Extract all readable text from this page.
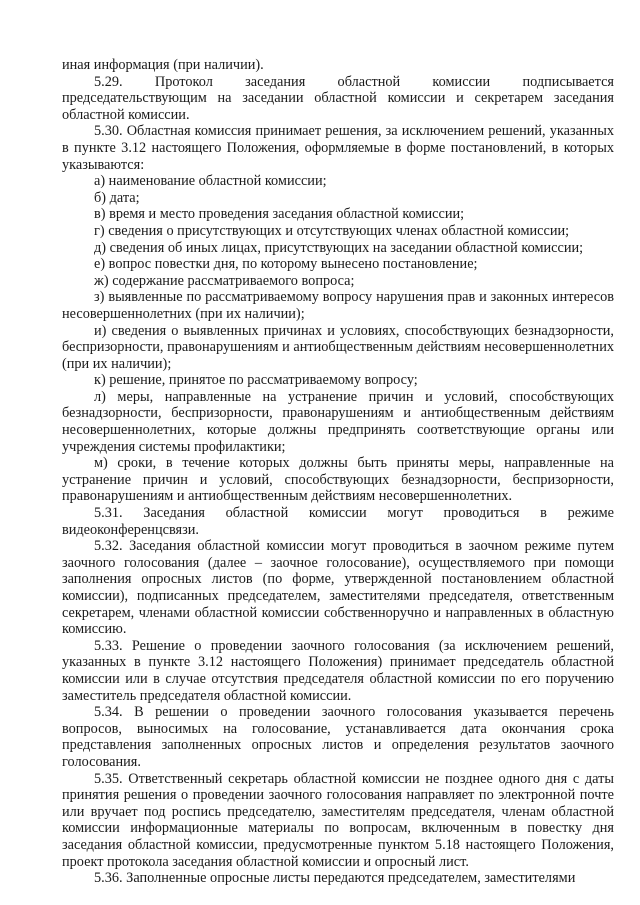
иная информация (при наличии).

5.29. Протокол заседания областной комиссии подписывается председательствующим на заседании областной комиссии и секретарем заседания областной комиссии.

5.30. Областная комиссия принимает решения, за исключением решений, указанных в пункте 3.12 настоящего Положения, оформляемые в форме постановлений, в которых указываются:

а) наименование областной комиссии;

б) дата;

в) время и место проведения заседания областной комиссии;

г) сведения о присутствующих и отсутствующих членах областной комиссии;

д) сведения об иных лицах, присутствующих на заседании областной комиссии;

е) вопрос повестки дня, по которому вынесено постановление;

ж) содержание рассматриваемого вопроса;

з) выявленные по рассматриваемому вопросу нарушения прав и законных интересов несовершеннолетних (при их наличии);

и) сведения о выявленных причинах и условиях, способствующих безнадзорности, беспризорности, правонарушениям и антиобщественным действиям несовершеннолетних (при их наличии);

к) решение, принятое по рассматриваемому вопросу;

л) меры, направленные на устранение причин и условий, способствующих безнадзорности, беспризорности, правонарушениям и антиобщественным действиям несовершеннолетних, которые должны предпринять соответствующие органы или учреждения системы профилактики;

м) сроки, в течение которых должны быть приняты меры, направленные на устранение причин и условий, способствующих безнадзорности, беспризорности, правонарушениям и антиобщественным действиям несовершеннолетних.

5.31. Заседания областной комиссии могут проводиться в режиме видеоконференцсвязи.

5.32. Заседания областной комиссии могут проводиться в заочном режиме путем заочного голосования (далее – заочное голосование), осуществляемого при помощи заполнения опросных листов (по форме, утвержденной постановлением областной комиссии), подписанных председателем, заместителями председателя, ответственным секретарем, членами областной комиссии собственноручно и направленных в областную комиссию.

5.33. Решение о проведении заочного голосования (за исключением решений, указанных в пункте 3.12 настоящего Положения) принимает председатель областной комиссии или в случае отсутствия председателя областной комиссии по его поручению заместитель председателя областной комиссии.

5.34. В решении о проведении заочного голосования указывается перечень вопросов, выносимых на голосование, устанавливается дата окончания срока представления заполненных опросных листов и определения результатов заочного голосования.

5.35. Ответственный секретарь областной комиссии не позднее одного дня с даты принятия решения о проведении заочного голосования направляет по электронной почте или вручает под роспись председателю, заместителям председателя, членам областной комиссии информационные материалы по вопросам, включенным в повестку дня заседания областной комиссии, предусмотренные пунктом 5.18 настоящего Положения, проект протокола заседания областной комиссии и опросный лист.

5.36. Заполненные опросные листы передаются председателем, заместителями
